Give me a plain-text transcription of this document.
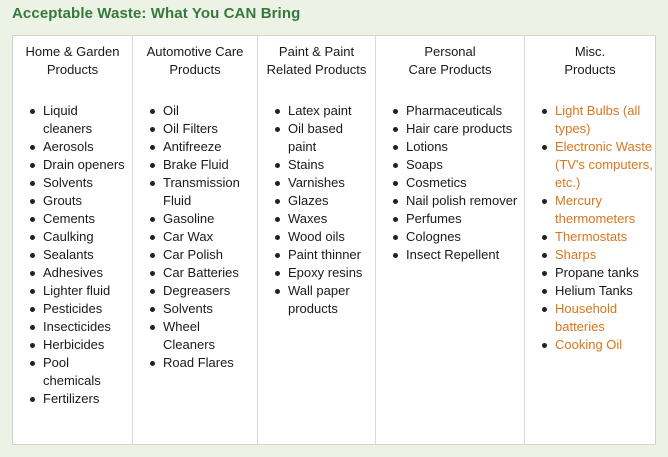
Acceptable Waste: What You CAN Bring
Home & Garden
Products
Liquid cleaners
Aerosols
Drain openers
Solvents
Grouts
Cements
Caulking
Sealants
Adhesives
Lighter fluid
Pesticides
Insecticides
Herbicides
Pool chemicals
Fertilizers
Automotive Care
Products
Oil
Oil Filters
Antifreeze
Brake Fluid
Transmission Fluid
Gasoline
Car Wax
Car Polish
Car Batteries
Degreasers
Solvents
Wheel Cleaners
Road Flares
Paint & Paint
Related Products
Latex paint
Oil based paint
Stains
Varnishes
Glazes
Waxes
Wood oils
Paint thinner
Epoxy resins
Wall paper products
Personal
Care Products
Pharmaceuticals
Hair care products
Lotions
Soaps
Cosmetics
Nail polish remover
Perfumes
Colognes
Insect Repellent
Misc.
Products
Light Bulbs (all types)
Electronic Waste (TV's computers, etc.)
Mercury thermometers
Thermostats
Sharps
Propane tanks
Helium Tanks
Household batteries
Cooking Oil
